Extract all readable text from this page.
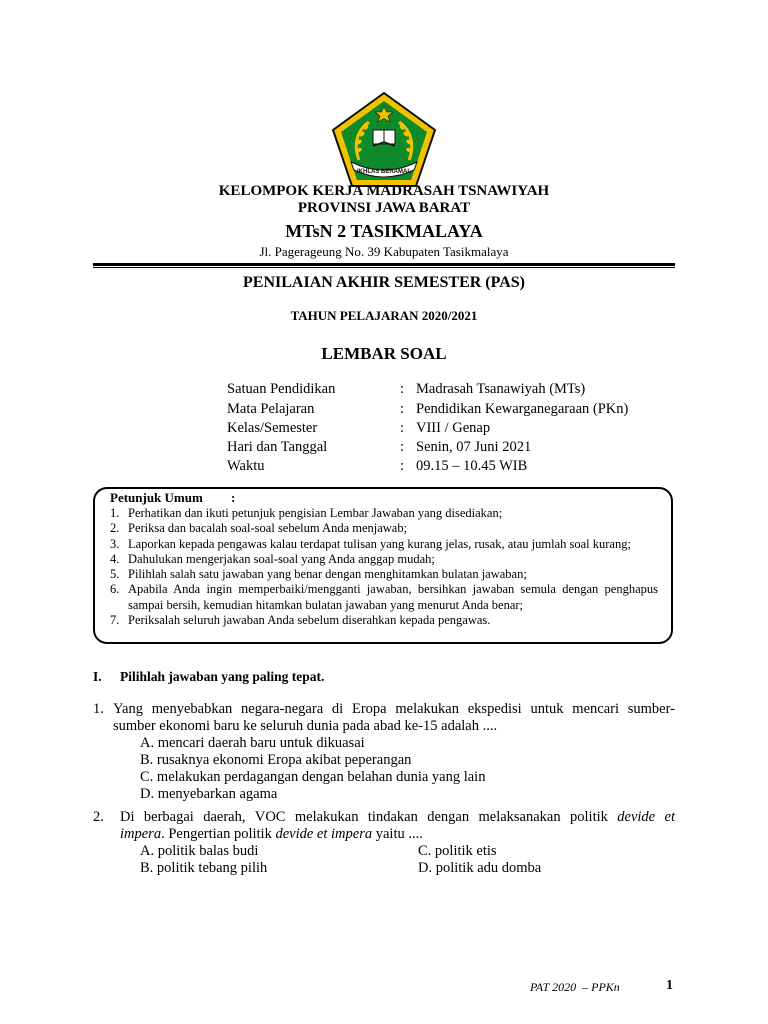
IKHLAS BERAMAL
KELOMPOK KERJA MADRASAH TSNAWIYAH
PROVINSI JAWA BARAT
MTsN 2 TASIKMALAYA
Jl. Pagerageung No. 39 Kabupaten Tasikmalaya
PENILAIAN AKHIR SEMESTER (PAS)
TAHUN PELAJARAN 2020/2021
LEMBAR SOAL
Satuan Pendidikan	: Madrasah Tsanawiyah (MTs)
Mata Pelajaran	: Pendidikan Kewarganegaraan (PKn)
Kelas/Semester	: VIII / Genap
Hari dan Tanggal	: Senin, 07 Juni 2021
Waktu	: 09.15 – 10.45 WIB
Petunjuk Umum :
1. Perhatikan dan ikuti petunjuk pengisian Lembar Jawaban yang disediakan;
2. Periksa dan bacalah soal-soal sebelum Anda menjawab;
3. Laporkan kepada pengawas kalau terdapat tulisan yang kurang jelas, rusak, atau jumlah soal kurang;
4. Dahulukan mengerjakan soal-soal yang Anda anggap mudah;
5. Pilihlah salah satu jawaban yang benar dengan menghitamkan bulatan jawaban;
6. Apabila Anda ingin memperbaiki/mengganti jawaban, bersihkan jawaban semula dengan penghapus sampai bersih, kemudian hitamkan bulatan jawaban yang menurut Anda benar;
7. Periksalah seluruh jawaban Anda sebelum diserahkan kepada pengawas.
I. Pilihlah jawaban yang paling tepat.
1. Yang menyebabkan negara-negara di Eropa melakukan ekspedisi untuk mencari sumber-
sumber ekonomi baru ke seluruh dunia pada abad ke-15 adalah ....
A. mencari daerah baru untuk dikuasai
B. rusaknya ekonomi Eropa akibat peperangan
C. melakukan perdagangan dengan belahan dunia yang lain
D. menyebarkan agama
2. Di berbagai daerah, VOC melakukan tindakan dengan melaksanakan politik devide et
impera. Pengertian politik devide et impera yaitu ....
A. politik balas budi	C. politik etis
B. politik tebang pilih	D. politik adu domba
PAT 2020  – PPKn	1
